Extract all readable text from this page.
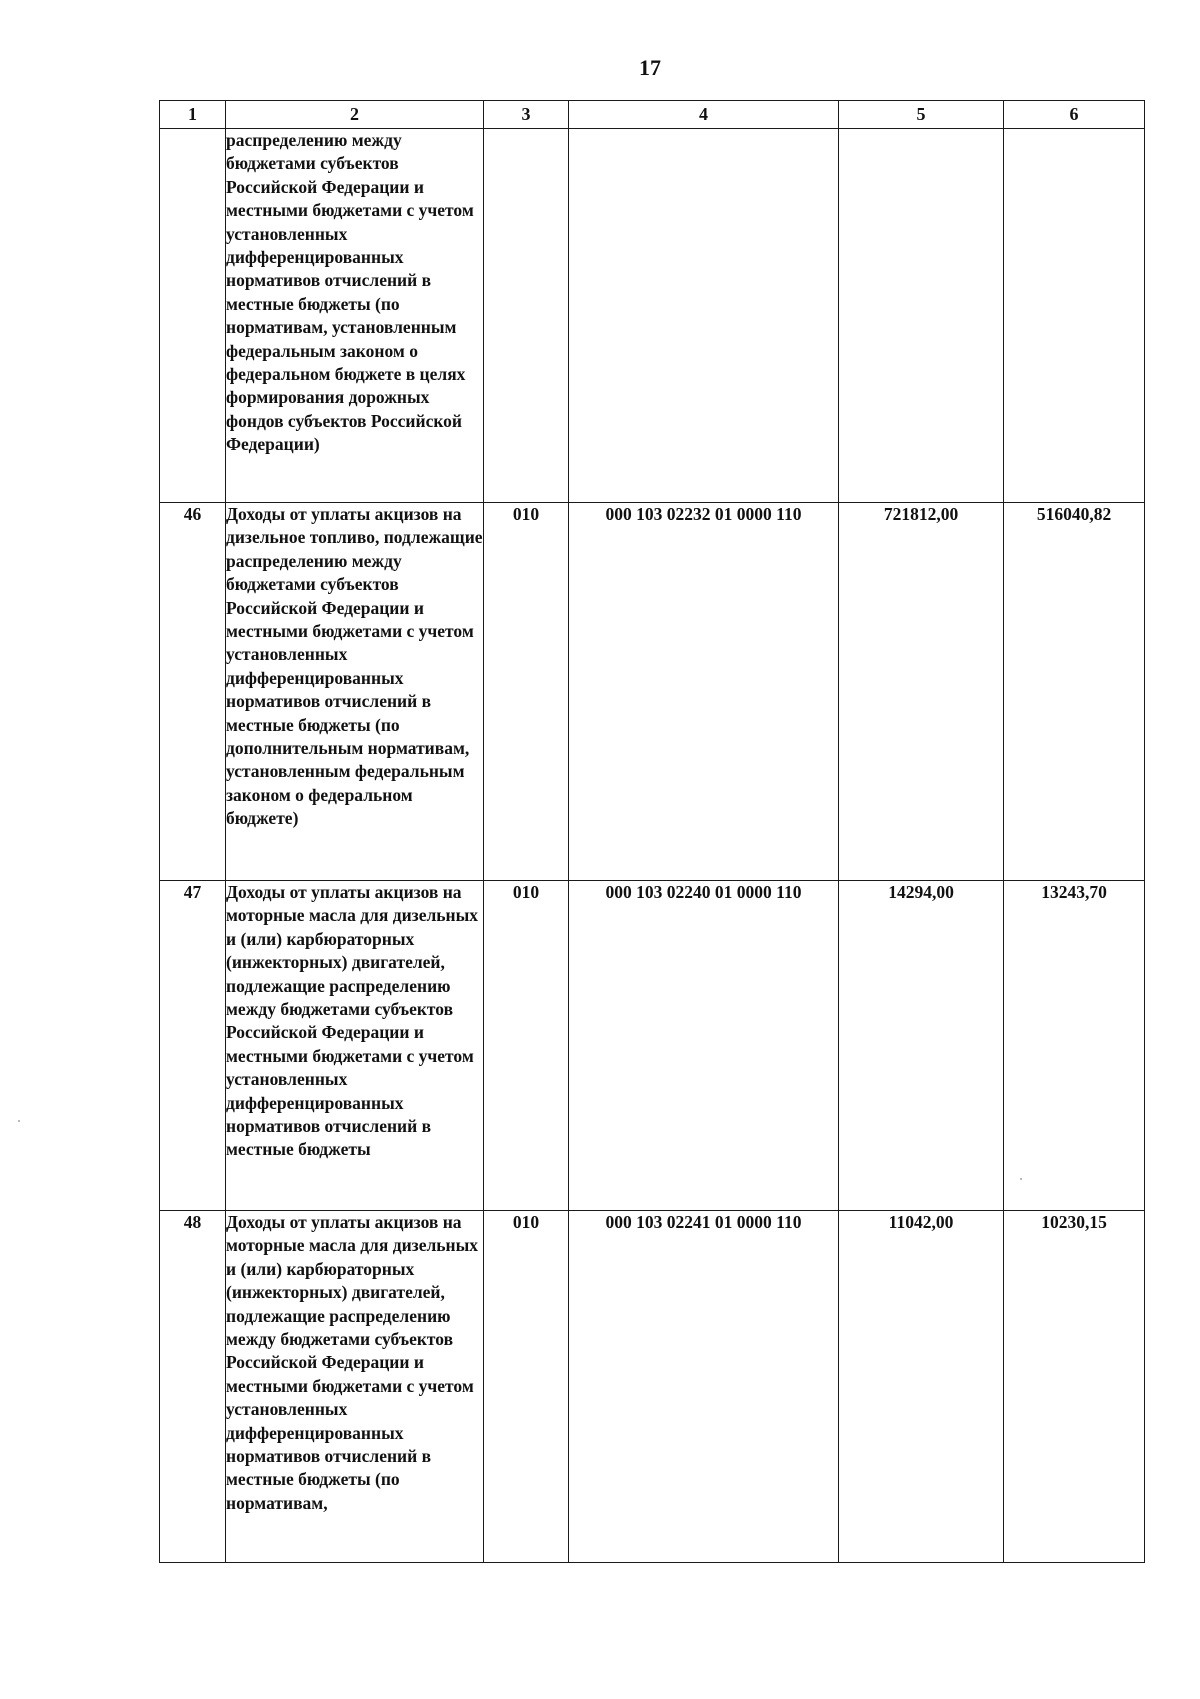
17
1	2	3	4	5	6
	распределению между бюджетами субъектов Российской Федерации и местными бюджетами с учетом установленных дифференцированных нормативов отчислений в местные бюджеты (по нормативам, установленным федеральным законом о федеральном бюджете в целях формирования дорожных фондов субъектов Российской Федерации)				
46	Доходы от уплаты акцизов на дизельное топливо, подлежащие распределению между бюджетами субъектов Российской Федерации и местными бюджетами с учетом установленных дифференцированных нормативов отчислений в местные бюджеты (по дополнительным нормативам, установленным федеральным законом о федеральном бюджете)	010	000 103 02232 01 0000 110	721812,00	516040,82
47	Доходы от уплаты акцизов на моторные масла для дизельных и (или) карбюраторных (инжекторных) двигателей, подлежащие распределению между бюджетами субъектов Российской Федерации и местными бюджетами с учетом установленных дифференцированных нормативов отчислений в местные бюджеты	010	000 103 02240 01 0000 110	14294,00	13243,70
48	Доходы от уплаты акцизов на моторные масла для дизельных и (или) карбюраторных (инжекторных) двигателей, подлежащие распределению между бюджетами субъектов Российской Федерации и местными бюджетами с учетом установленных дифференцированных нормативов отчислений в местные бюджеты (по нормативам,	010	000 103 02241 01 0000 110	11042,00	10230,15
